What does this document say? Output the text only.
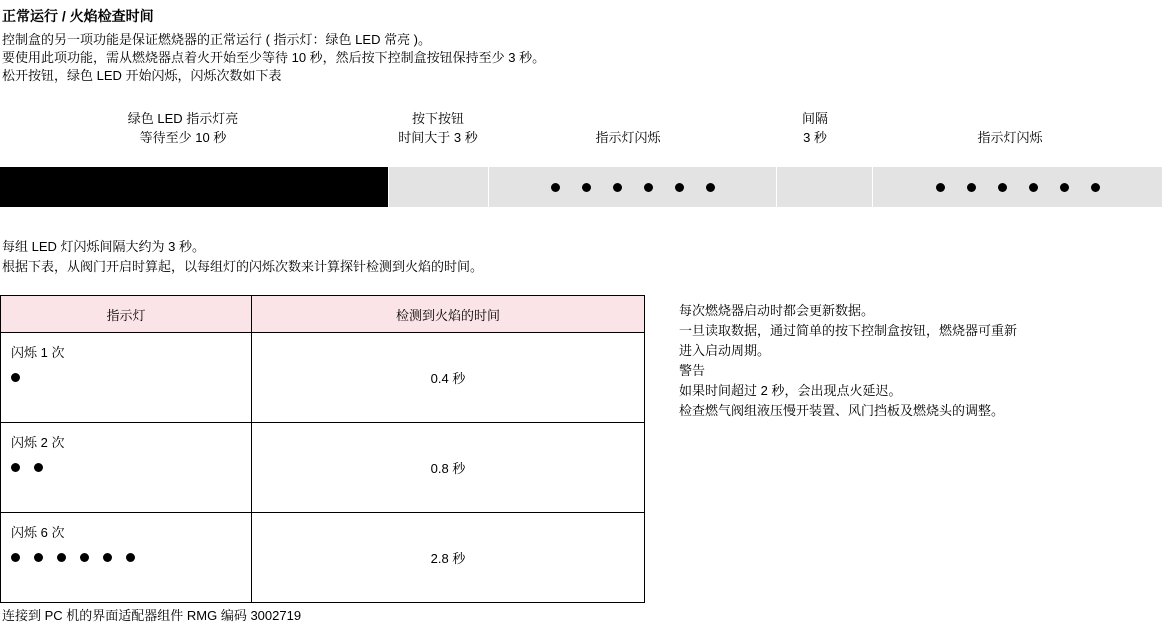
正常运行 / 火焰检查时间
控制盒的另一项功能是保证燃烧器的正常运行 ( 指示灯：绿色 LED 常亮 )。
要使用此项功能，需从燃烧器点着火开始至少等待 10 秒，然后按下控制盒按钮保持至少 3 秒。
松开按钮，绿色 LED 开始闪烁，闪烁次数如下表
绿色 LED 指示灯亮
等待至少 10 秒
按下按钮
时间大于 3 秒	指示灯闪烁
间隔
3 秒	指示灯闪烁
每组 LED 灯闪烁间隔大约为 3 秒。
根据下表，从阀门开启时算起，以每组灯的闪烁次数来计算探针检测到火焰的时间。
指示灯	检测到火焰的时间

闪烁 1 次	0.4 秒

闪烁 2 次	0.8 秒

闪烁 6 次	2.8 秒
每次燃烧器启动时都会更新数据。
一旦读取数据，通过简单的按下控制盒按钮，燃烧器可重新
进入启动周期。
警告
如果时间超过 2 秒，会出现点火延迟。
检查燃气阀组液压慢开装置、风门挡板及燃烧头的调整。
连接到 PC 机的界面适配器组件 RMG 编码 3002719
